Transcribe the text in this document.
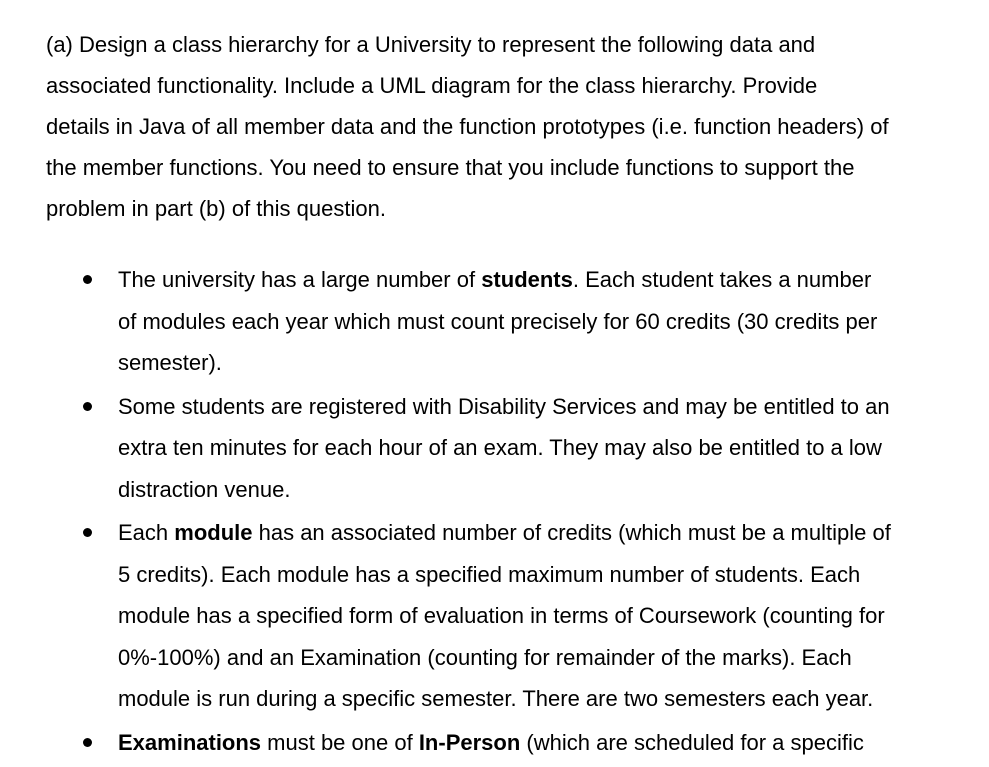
(a) Design a class hierarchy for a University to represent the following data and
associated functionality. Include a UML diagram for the class hierarchy. Provide
details in Java of all member data and the function prototypes (i.e. function headers) of
the member functions. You need to ensure that you include functions to support the
problem in part (b) of this question.

The university has a large number of students. Each student takes a number
of modules each year which must count precisely for 60 credits (30 credits per
semester).
Some students are registered with Disability Services and may be entitled to an
extra ten minutes for each hour of an exam. They may also be entitled to a low
distraction venue.
Each module has an associated number of credits (which must be a multiple of
5 credits). Each module has a specified maximum number of students. Each
module has a specified form of evaluation in terms of Coursework (counting for
0%-100%) and an Examination (counting for remainder of the marks). Each
module is run during a specific semester. There are two semesters each year.
Examinations must be one of In-Person (which are scheduled for a specific
